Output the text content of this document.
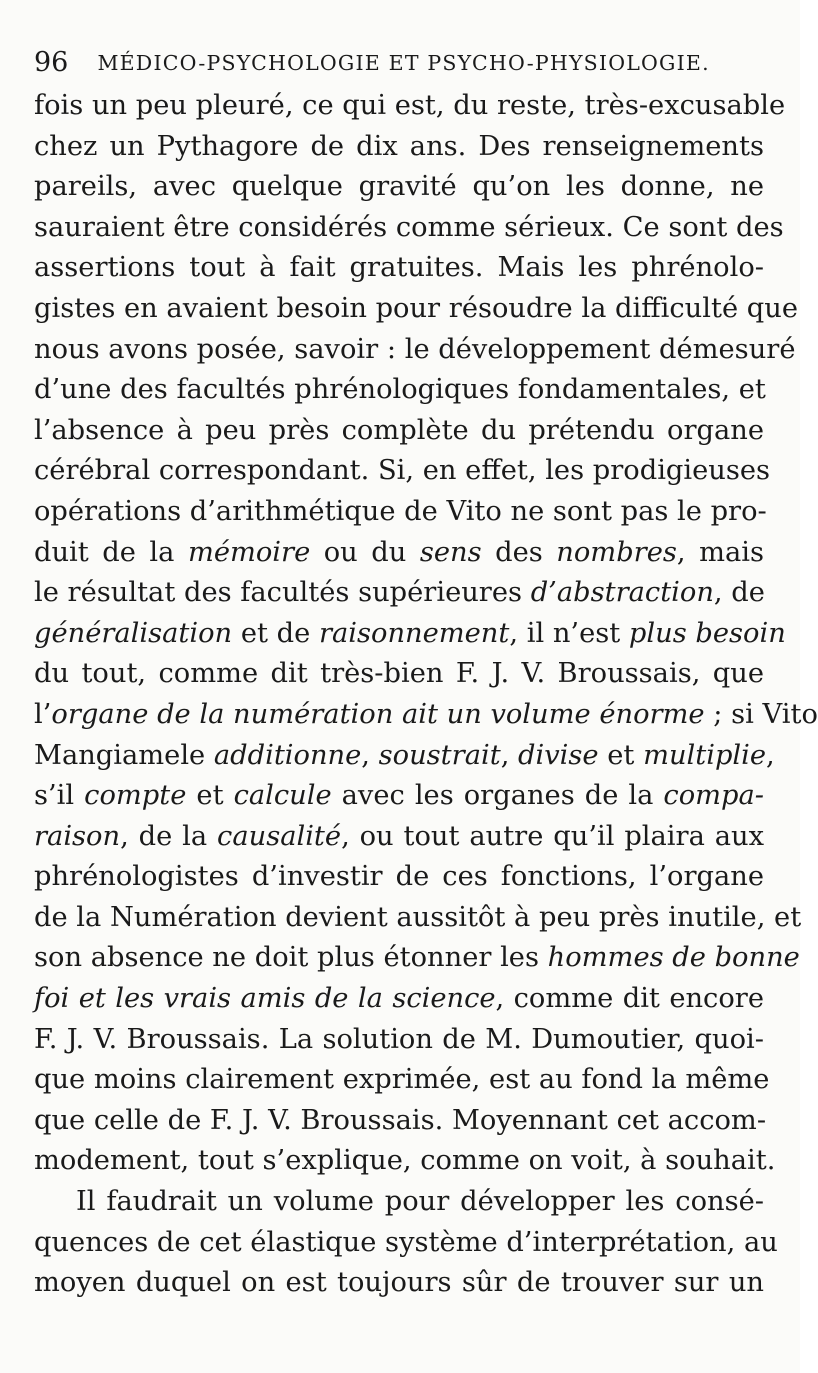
96 MÉDICO-PSYCHOLOGIE ET PSYCHO-PHYSIOLOGIE.
fois un peu pleuré, ce qui est, du reste, très-excusable
chez un Pythagore de dix ans. Des renseignements
pareils, avec quelque gravité qu’on les donne, ne
sauraient être considérés comme sérieux. Ce sont des
assertions tout à fait gratuites. Mais les phrénolo-
gistes en avaient besoin pour résoudre la difficulté que
nous avons posée, savoir : le développement démesuré
d’une des facultés phrénologiques fondamentales, et
l’absence à peu près complète du prétendu organe
cérébral correspondant. Si, en effet, les prodigieuses
opérations d’arithmétique de Vito ne sont pas le pro-
duit de la mémoire ou du sens des nombres, mais
le résultat des facultés supérieures d’abstraction, de
généralisation et de raisonnement, il n’est plus besoin
du tout, comme dit très-bien F. J. V. Broussais, que
l’organe de la numération ait un volume énorme ; si Vito
Mangiamele additionne, soustrait, divise et multiplie,
s’il compte et calcule avec les organes de la compa-
raison, de la causalité, ou tout autre qu’il plaira aux
phrénologistes d’investir de ces fonctions, l’organe
de la Numération devient aussitôt à peu près inutile, et
son absence ne doit plus étonner les hommes de bonne
foi et les vrais amis de la science, comme dit encore
F. J. V. Broussais. La solution de M. Dumoutier, quoi-
que moins clairement exprimée, est au fond la même
que celle de F. J. V. Broussais. Moyennant cet accom-
modement, tout s’explique, comme on voit, à souhait.
Il faudrait un volume pour développer les consé-
quences de cet élastique système d’interprétation, au
moyen duquel on est toujours sûr de trouver sur un
